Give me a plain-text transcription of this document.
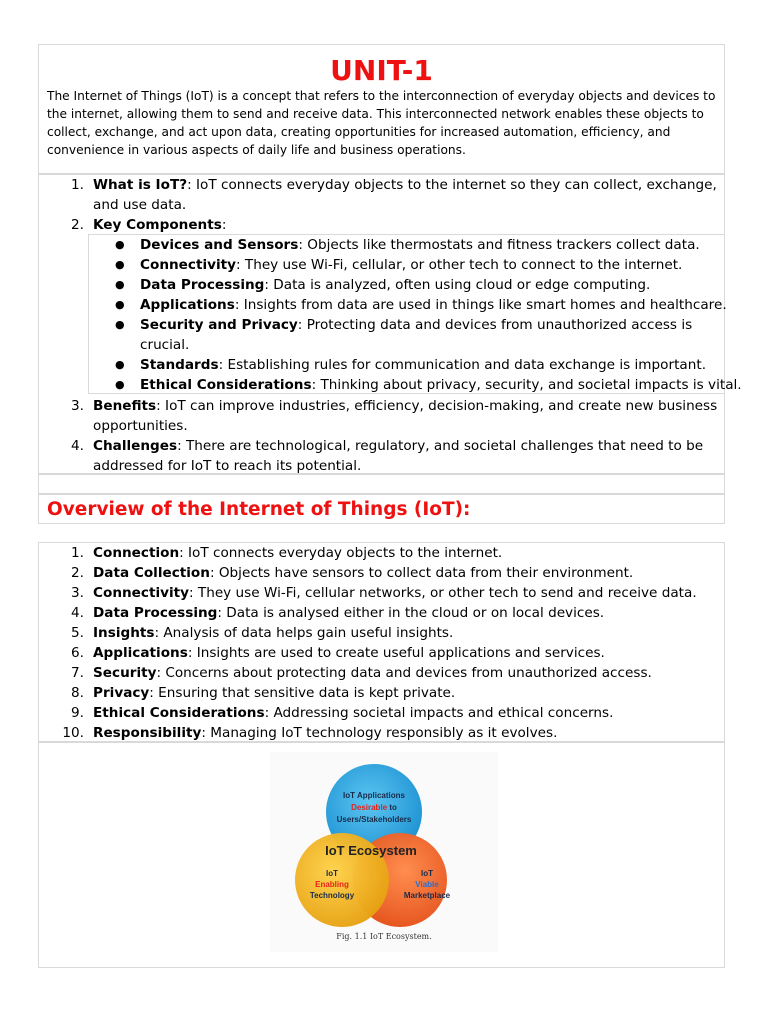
UNIT-1
The Internet of Things (IoT) is a concept that refers to the interconnection of everyday objects and devices to the internet, allowing them to send and receive data. This interconnected network enables these objects to collect, exchange, and act upon data, creating opportunities for increased automation, efficiency, and convenience in various aspects of daily life and business operations.
1. What is IoT?: IoT connects everyday objects to the internet so they can collect, exchange,
and use data.
2. Key Components:
● Devices and Sensors: Objects like thermostats and fitness trackers collect data.
● Connectivity: They use Wi-Fi, cellular, or other tech to connect to the internet.
● Data Processing: Data is analyzed, often using cloud or edge computing.
● Applications: Insights from data are used in things like smart homes and healthcare.
● Security and Privacy: Protecting data and devices from unauthorized access is
crucial.
● Standards: Establishing rules for communication and data exchange is important.
● Ethical Considerations: Thinking about privacy, security, and societal impacts is vital.
3. Benefits: IoT can improve industries, efficiency, decision-making, and create new business
opportunities.
4. Challenges: There are technological, regulatory, and societal challenges that need to be
addressed for IoT to reach its potential.
Overview of the Internet of Things (IoT):
1. Connection: IoT connects everyday objects to the internet.
2. Data Collection: Objects have sensors to collect data from their environment.
3. Connectivity: They use Wi-Fi, cellular networks, or other tech to send and receive data.
4. Data Processing: Data is analysed either in the cloud or on local devices.
5. Insights: Analysis of data helps gain useful insights.
6. Applications: Insights are used to create useful applications and services.
7. Security: Concerns about protecting data and devices from unauthorized access.
8. Privacy: Ensuring that sensitive data is kept private.
9. Ethical Considerations: Addressing societal impacts and ethical concerns.
10. Responsibility: Managing IoT technology responsibly as it evolves.
IoT Applications
Desirable to
Users/Stakeholders
IoT Ecosystem
IoT
Enabling
Technology
IoT
Viable
Marketplace
Fig. 1.1 IoT Ecosystem.
